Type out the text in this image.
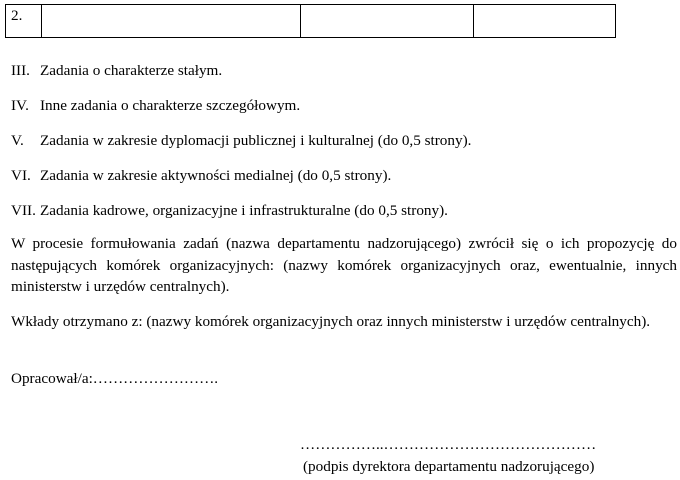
2.			
III. Zadania o charakterze stałym.
IV. Inne zadania o charakterze szczegółowym.
V. Zadania w zakresie dyplomacji publicznej i kulturalnej (do 0,5 strony).
VI. Zadania w zakresie aktywności medialnej (do 0,5 strony).
VII. Zadania kadrowe, organizacyjne i infrastrukturalne (do 0,5 strony).
W procesie formułowania zadań (nazwa departamentu nadzorującego) zwrócił się o ich propozycję do następujących komórek organizacyjnych: (nazwy komórek organizacyjnych oraz, ewentualnie, innych ministerstw i urzędów centralnych).
Wkłady otrzymano z: (nazwy komórek organizacyjnych oraz innych ministerstw i urzędów centralnych).
Opracował/a:…………………….
……………..……………………………………
(podpis dyrektora departamentu nadzorującego)
